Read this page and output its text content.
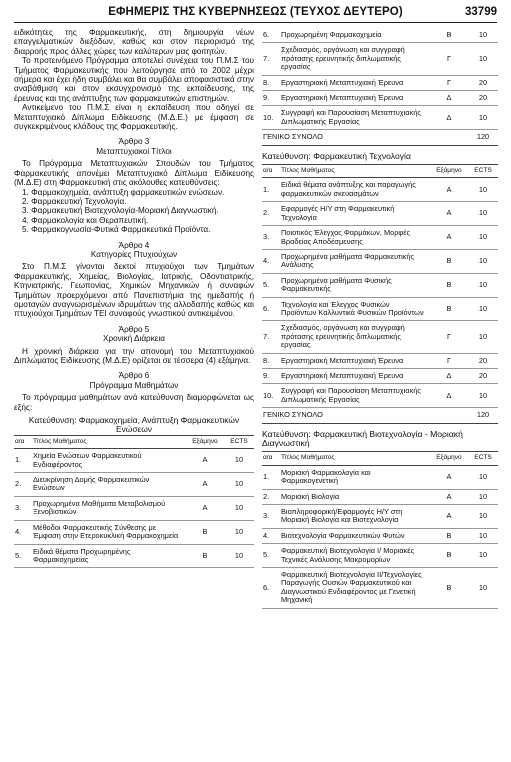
ΕΦΗΜΕΡΙΣ ΤΗΣ ΚΥΒΕΡΝΗΣΕΩΣ (ΤΕΥΧΟΣ ΔΕΥΤΕΡΟ)	33799

ειδικότητες της Φαρμακευτικής, στη δημιουργία νέων επαγγελματικών διεξόδων, καθώς και στον περιορισμό της διαρροής προς άλλες χώρες των καλύτερων μας φοιτητών.

Το προτεινόμενο Πρόγραμμα αποτελεί συνέχεια του Π.Μ.Σ του Τμήματος Φαρμακευτικής που λειτούργησε από το 2002 μέχρι σήμερα και έχει ήδη συμβάλει και θα συμβάλει αποφασιστικά στην αναβάθμιση και στον εκσυγχρονισμό της εκπαίδευσης, της έρευνας και της ανάπτυξης των φαρμακευτικών επιστημών.

Αντικείμενο του Π.Μ.Σ είναι η εκπαίδευση που οδηγεί σε Μεταπτυχιακό Δίπλωμα Ειδίκευσης (Μ.Δ.Ε.) με έμφαση σε συγκεκριμένους κλάδους της Φαρμακευτικής.

Άρθρο 3
Μεταπτυχιακοί Τίτλοι

Το Πρόγραμμα Μεταπτυχιακών Σπουδών του Τμήματος Φαρμακευτικής απονέμει Μεταπτυχιακό Δίπλωμα Ειδίκευσης (Μ.Δ.Ε) στη Φαρμακευτική στις ακόλουθες κατευθύνσεις:

1. Φαρμακοχημεία, ανάπτυξη φαρμακευτικών ενώσεων.
2. Φαρμακευτική Τεχνολογία.
3. Φαρμακευτική Βιοτεχνολογία-Μοριακή Διαγνωστική.
4. Φαρμακολογία και Θεραπευτική.
5. Φαρμακογνωσία-Φυτικά Φαρμακευτικά Προϊόντα.
Άρθρο 4
Κατηγορίες Πτυχιούχων

Στο Π.Μ.Σ γίνονται δεκτοί πτυχιούχοι των Τμημάτων Φαρμακευτικής, Χημείας, Βιολογίας, Ιατρικής, Οδοντιατρικής, Κτηνιατρικής, Γεωπονίας, Χημικών Μηχανικών ή συναφών Τμημάτων προερχόμενοι από Πανεπιστήμια της ημεδαπής ή ομοταγών αναγνωρισμένων ιδρυμάτων της αλλοδαπής καθώς και πτυχιούχοι Τμημάτων ΤΕΙ συναφούς γνωστικού αντικειμένου.

Άρθρο 5
Χρονική Διάρκεια

Η χρονική διάρκεια για την απονομή του Μεταπτυχιακού Διπλώματος Ειδίκευσης (Μ.Δ.Ε) ορίζεται σε τέσσερα (4) εξάμηνα.

Άρθρο 6
Πρόγραμμα Μαθημάτων

Το πρόγραμμα μαθημάτων ανά κατεύθυνση διαμορφώνεται ως εξής:

Κατεύθυνση: Φαρμακοχημεία, Ανάπτυξη Φαρμακευτικών Ενώσεων
α/α	Τίτλος Μαθήματος	Εξάμηνο	ECTS
1.	Χημεία Ενώσεων Φαρμακευτικού Ενδιαφέροντος	Α	10
2.	Διευκρίνηση Δομής Φαρμακευτικών Ενώσεων	Α	10
3.	Προχωρημένα Μαθήματα Μεταβολισμού Ξενοβιοτικών	Α	10
4.	Μέθοδοι Φαρμακευτικής Σύνθεσης με Έμφαση στην Ετεροκυκλική Φαρμακοχημεία	Β	10
5.	Ειδικά θέματα Προχωρημένης Φαρμακοχημείας	Β	10
6.	Προχωρημένη Φαρμακοχημεία	Β	10
7.	Σχεδιασμός, οργάνωση και συγγραφή πρότασης ερευνητικής διπλωματικής εργασίας	Γ	10
8.	Εργαστηριακή Μεταπτυχιακή Έρευνα	Γ	20
9.	Εργαστηριακή Μεταπτυχιακή Έρευνα	Δ	20
10.	Συγγραφή και Παρουσίαση Μεταπτυχιακής Διπλωματικής Εργασίας	Δ	10
ΓΕΝΙΚΟ ΣΥΝΟΛΟ			120
Κατεύθυνση: Φαρμακευτική Τεχνολογία
α/α	Τίτλος Μαθήματος	Εξάμηνο	ECTS
1.	Ειδικά θέματα ανάπτυξης και παραγωγής φαρμακευτικών σκευασμάτων	Α	10
2.	Εφαρμογές Η/Υ στη Φαρμακευτική Τεχνολογία	Α	10
3.	Ποιοτικός Έλεγχος Φαρμάκων, Μορφές Βραδείας Αποδέσμευσης	Α	10
4.	Προχωρημένα μαθήματα Φαρμακευτικής Ανάλυσης	Β	10
5.	Προχωρημένα μαθήματα Φυσικής Φαρμακευτικής	Β	10
6.	Τεχνολογία και Έλεγχος Φυσικών Προϊόντων Καλλυντικά Φυσικών Προϊόντων	Β	10
7.	Σχεδιασμός, οργάνωση και συγγραφή πρότασης ερευνητικής διπλωματικής εργασίας	Γ	10
8.	Εργαστηριακή Μεταπτυχιακή Έρευνα	Γ	20
9.	Εργαστηριακή Μεταπτυχιακή Έρευνα	Δ	20
10.	Συγγραφή και Παρουσίαση Μεταπτυχιακής Διπλωματικής Εργασίας	Δ	10
ΓΕΝΙΚΟ ΣΥΝΟΛΟ			120
Κατεύθυνση: Φαρμακευτική Βιοτεχνολογία - Μοριακή Διαγνωστική
α/α	Τίτλος Μαθήματος	Εξάμηνο	ECTS
1.	Μοριακή Φαρμακολογία και Φαρμακογενετική	Α	10
2.	Μοριακή Βιολογία	Α	10
3.	Βιοπληροφορική/Εφαρμογές Η/Υ στη Μοριακή Βιολογία και Βιοτεχνολογία	Α	10
4.	Βιοτεχνολογία Φαρμακευτικών Φυτών	Β	10
5.	Φαρμακευτική Βιοτεχνολογία Ι/ Μοριακές Τεχνικές Ανάλυσης Μακρομορίων	Β	10
6.	Φαρμακευτική Βιοτεχνολογία ΙΙ/Τεχνολογίες Παραγωγής Ουσιών Φαρμακευτικού και Διαγνωστικού Ενδιαφέροντος με Γενετική Μηχανική	Β	10
